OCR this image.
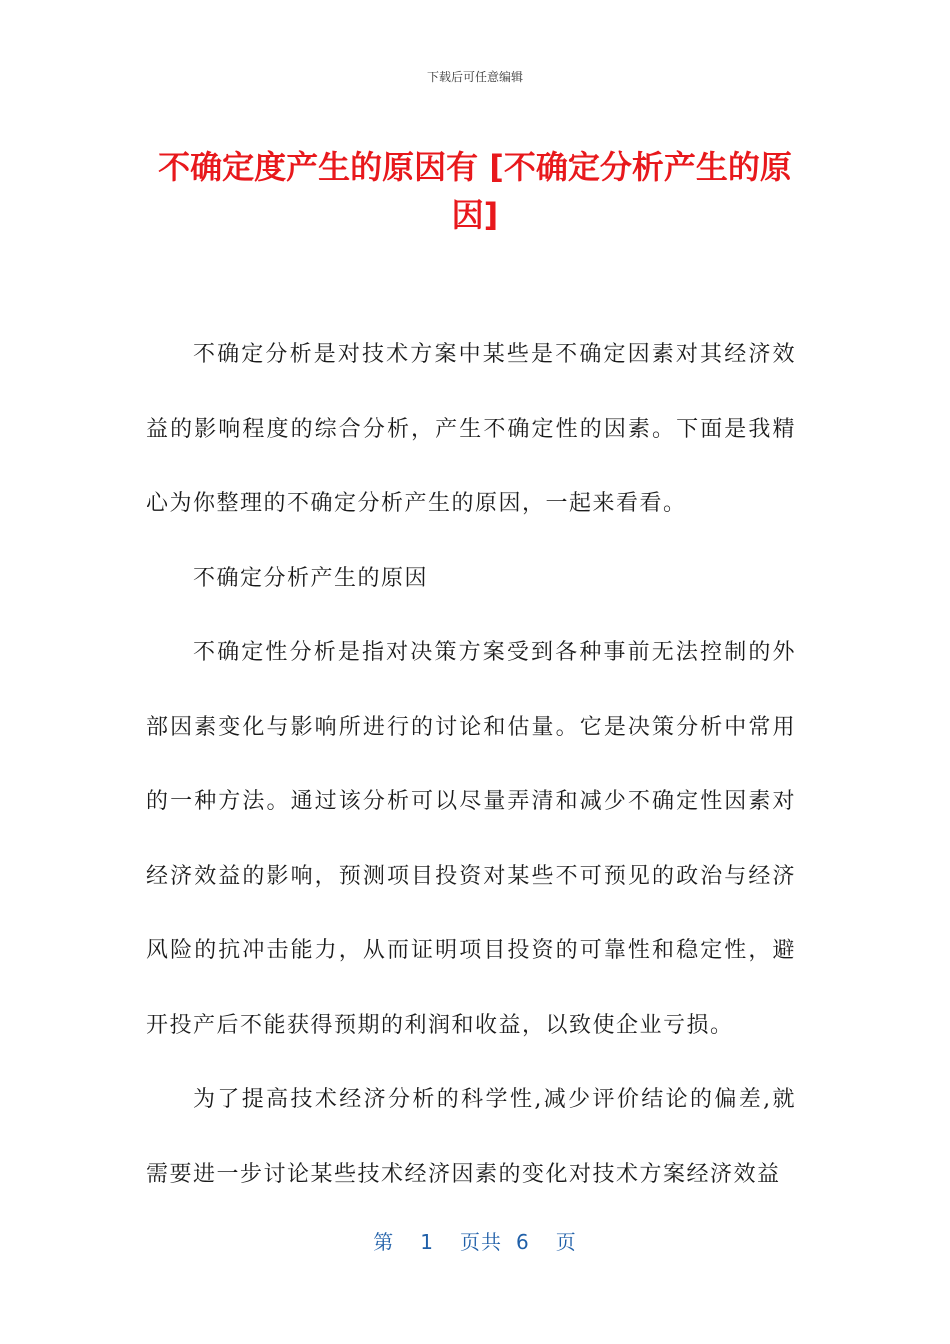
下载后可任意编辑
不确定度产生的原因有 [不确定分析产生的原因]

不确定分析是对技术方案中某些是不确定因素对其经济效益的影响程度的综合分析，产生不确定性的因素。下面是我精心为你整理的不确定分析产生的原因，一起来看看。

不确定分析产生的原因

不确定性分析是指对决策方案受到各种事前无法控制的外部因素变化与影响所进行的讨论和估量。它是决策分析中常用的一种方法。通过该分析可以尽量弄清和减少不确定性因素对经济效益的影响，预测项目投资对某些不可预见的政治与经济风险的抗冲击能力，从而证明项目投资的可靠性和稳定性，避开投产后不能获得预期的利润和收益，以致使企业亏损。

为了提高技术经济分析的科学性,减少评价结论的偏差,就需要进一步讨论某些技术经济因素的变化对技术方案经济效益

第 1 页共 6 页
